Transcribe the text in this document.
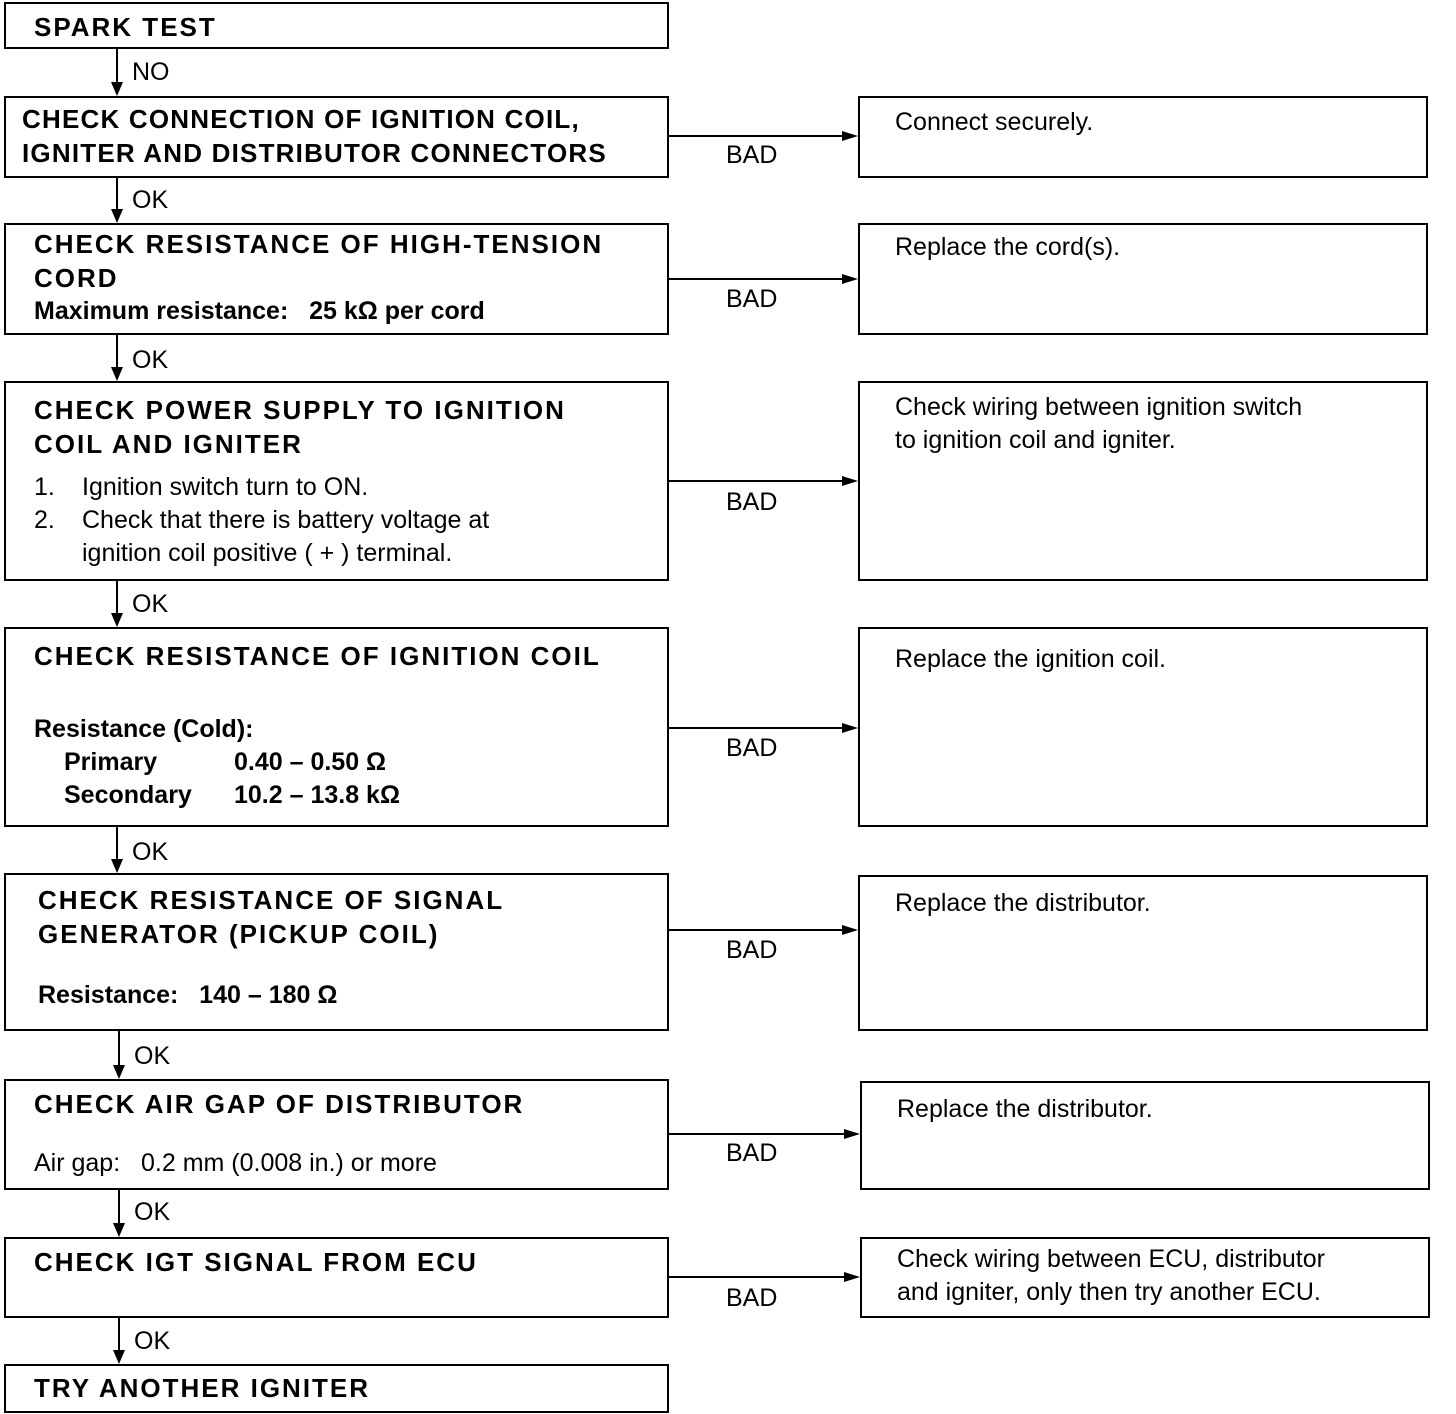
SPARK TEST
CHECK CONNECTION OF IGNITION COIL,
IGNITER AND DISTRIBUTOR CONNECTORS
CHECK RESISTANCE OF HIGH-TENSION
CORD
Maximum resistance:   25 kΩ per cord
CHECK POWER SUPPLY TO IGNITION
COIL AND IGNITER
1.	Ignition switch turn to ON.
2.	Check that there is battery voltage at
ignition coil positive ( + ) terminal.
CHECK RESISTANCE OF IGNITION COIL
Resistance (Cold):
Primary	0.40 – 0.50 Ω
Secondary	10.2 – 13.8 kΩ
CHECK RESISTANCE OF SIGNAL
GENERATOR (PICKUP COIL)
Resistance:   140 – 180 Ω
CHECK AIR GAP OF DISTRIBUTOR
Air gap:   0.2 mm (0.008 in.) or more
CHECK IGT SIGNAL FROM ECU
TRY ANOTHER IGNITER
Connect securely.
Replace the cord(s).
Check wiring between ignition switch
to ignition coil and igniter.
Replace the ignition coil.
Replace the distributor.
Replace the distributor.
Check wiring between ECU, distributor
and igniter, only then try another ECU.
NO
OK
OK
OK
OK
OK
OK
OK
BAD
BAD
BAD
BAD
BAD
BAD
BAD
